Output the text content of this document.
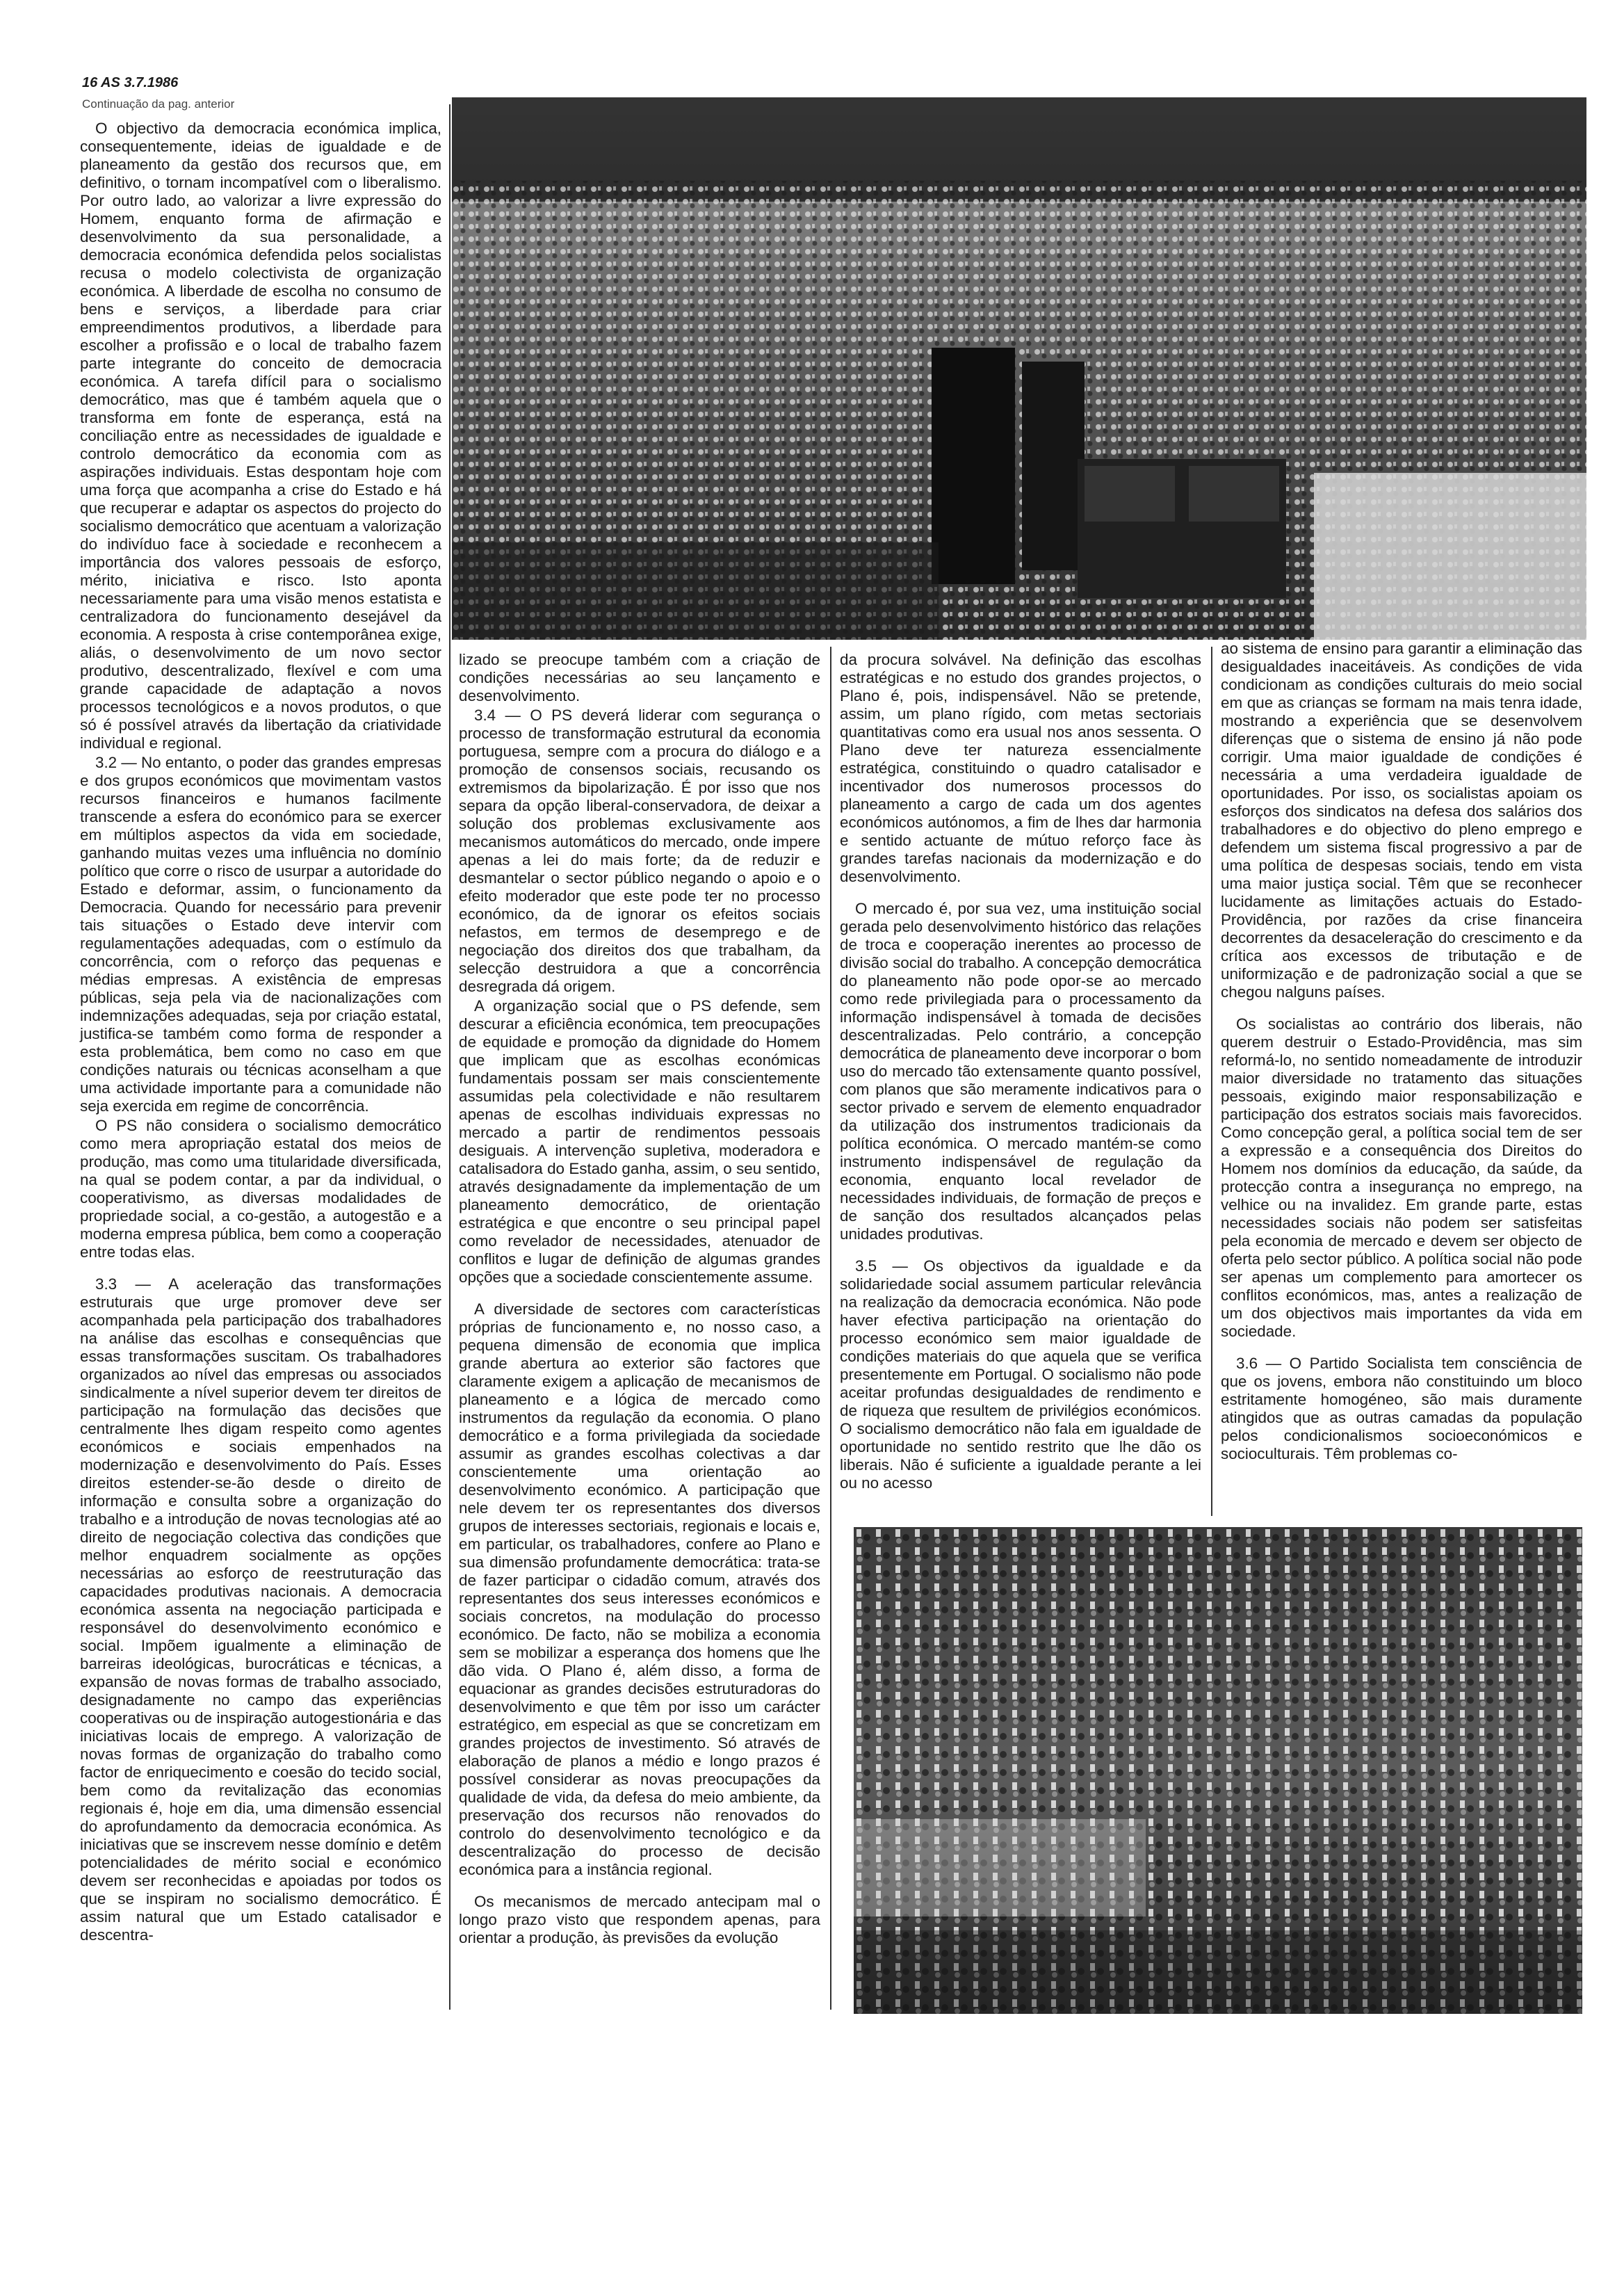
16 AS 3.7.1986
Continuação da pag. anterior

O objectivo da democracia económica implica, consequentemente, ideias de igualdade e de planeamento da gestão dos recursos que, em definitivo, o tornam incompatível com o liberalismo. Por outro lado, ao valorizar a livre expressão do Homem, enquanto forma de afirmação e desenvolvimento da sua personalidade, a democracia económica defendida pelos socialistas recusa o modelo colectivista de organização económica. A liberdade de escolha no consumo de bens e serviços, a liberdade para criar empreendimentos produtivos, a liberdade para escolher a profissão e o local de trabalho fazem parte integrante do conceito de democracia económica. A tarefa difícil para o socialismo democrático, mas que é também aquela que o transforma em fonte de esperança, está na conciliação entre as necessidades de igualdade e controlo democrático da economia com as aspirações individuais. Estas despontam hoje com uma força que acompanha a crise do Estado e há que recuperar e adaptar os aspectos do projecto do socialismo democrático que acentuam a valorização do indivíduo face à sociedade e reconhecem a importância dos valores pessoais de esforço, mérito, iniciativa e risco. Isto aponta necessariamente para uma visão menos estatista e centralizadora do funcionamento desejável da economia. A resposta à crise contemporânea exige, aliás, o desenvolvimento de um novo sector produtivo, descentralizado, flexível e com uma grande capacidade de adaptação a novos processos tecnológicos e a novos produtos, o que só é possível através da libertação da criatividade individual e regional.

3.2 — No entanto, o poder das grandes empresas e dos grupos económicos que movimentam vastos recursos financeiros e humanos facilmente transcende a esfera do económico para se exercer em múltiplos aspectos da vida em sociedade, ganhando muitas vezes uma influência no domínio político que corre o risco de usurpar a autoridade do Estado e deformar, assim, o funcionamento da Democracia. Quando for necessário para prevenir tais situações o Estado deve intervir com regulamentações adequadas, com o estímulo da concorrência, com o reforço das pequenas e médias empresas. A existência de empresas públicas, seja pela via de nacionalizações com indemnizações adequadas, seja por criação estatal, justifica-se também como forma de responder a esta problemática, bem como no caso em que condições naturais ou técnicas aconselham a que uma actividade importante para a comunidade não seja exercida em regime de concorrência.

O PS não considera o socialismo democrático como mera apropriação estatal dos meios de produção, mas como uma titularidade diversificada, na qual se podem contar, a par da individual, o cooperativismo, as diversas modalidades de propriedade social, a co-gestão, a autogestão e a moderna empresa pública, bem como a cooperação entre todas elas.

3.3 — A aceleração das transformações estruturais que urge promover deve ser acompanhada pela participação dos trabalhadores na análise das escolhas e consequências que essas transformações suscitam. Os trabalhadores organizados ao nível das empresas ou associados sindicalmente a nível superior devem ter direitos de participação na formulação das decisões que centralmente lhes digam respeito como agentes económicos e sociais empenhados na modernização e desenvolvimento do País. Esses direitos estender-se-ão desde o direito de informação e consulta sobre a organização do trabalho e a introdução de novas tecnologias até ao direito de negociação colectiva das condições que melhor enquadrem socialmente as opções necessárias ao esforço de reestruturação das capacidades produtivas nacionais. A democracia económica assenta na negociação participada e responsável do desenvolvimento económico e social. Impõem igualmente a eliminação de barreiras ideológicas, burocráticas e técnicas, a expansão de novas formas de trabalho associado, designadamente no campo das experiências cooperativas ou de inspiração autogestionária e das iniciativas locais de emprego. A valorização de novas formas de organização do trabalho como factor de enriquecimento e coesão do tecido social, bem como da revitalização das economias regionais é, hoje em dia, uma dimensão essencial do aprofundamento da democracia económica. As iniciativas que se inscrevem nesse domínio e detêm potencialidades de mérito social e económico devem ser reconhecidas e apoiadas por todos os que se inspiram no socialismo democrático. É assim natural que um Estado catalisador e descentra-

lizado se preocupe também com a criação de condições necessárias ao seu lançamento e desenvolvimento.

3.4 — O PS deverá liderar com segurança o processo de transformação estrutural da economia portuguesa, sempre com a procura do diálogo e a promoção de consensos sociais, recusando os extremismos da bipolarização. É por isso que nos separa da opção liberal-conservadora, de deixar a solução dos problemas exclusivamente aos mecanismos automáticos do mercado, onde impere apenas a lei do mais forte; da de reduzir e desmantelar o sector público negando o apoio e o efeito moderador que este pode ter no processo económico, da de ignorar os efeitos sociais nefastos, em termos de desemprego e de negociação dos direitos dos que trabalham, da selecção destruidora a que a concorrência desregrada dá origem.

A organização social que o PS defende, sem descurar a eficiência económica, tem preocupações de equidade e promoção da dignidade do Homem que implicam que as escolhas económicas fundamentais possam ser mais conscientemente assumidas pela colectividade e não resultarem apenas de escolhas individuais expressas no mercado a partir de rendimentos pessoais desiguais. A intervenção supletiva, moderadora e catalisadora do Estado ganha, assim, o seu sentido, através designadamente da implementação de um planeamento democrático, de orientação estratégica e que encontre o seu principal papel como revelador de necessidades, atenuador de conflitos e lugar de definição de algumas grandes opções que a sociedade conscientemente assume.

A diversidade de sectores com características próprias de funcionamento e, no nosso caso, a pequena dimensão de economia que implica grande abertura ao exterior são factores que claramente exigem a aplicação de mecanismos de planeamento e a lógica de mercado como instrumentos da regulação da economia. O plano democrático e a forma privilegiada da sociedade assumir as grandes escolhas colectivas a dar conscientemente uma orientação ao desenvolvimento económico. A participação que nele devem ter os representantes dos diversos grupos de interesses sectoriais, regionais e locais e, em particular, os trabalhadores, confere ao Plano e sua dimensão profundamente democrática: trata-se de fazer participar o cidadão comum, através dos representantes dos seus interesses económicos e sociais concretos, na modulação do processo económico. De facto, não se mobiliza a economia sem se mobilizar a esperança dos homens que lhe dão vida. O Plano é, além disso, a forma de equacionar as grandes decisões estruturadoras do desenvolvimento e que têm por isso um carácter estratégico, em especial as que se concretizam em grandes projectos de investimento. Só através de elaboração de planos a médio e longo prazos é possível considerar as novas preocupações da qualidade de vida, da defesa do meio ambiente, da preservação dos recursos não renovados do controlo do desenvolvimento tecnológico e da descentralização do processo de decisão económica para a instância regional.

Os mecanismos de mercado antecipam mal o longo prazo visto que respondem apenas, para orientar a produção, às previsões da evolução

da procura solvável. Na definição das escolhas estratégicas e no estudo dos grandes projectos, o Plano é, pois, indispensável. Não se pretende, assim, um plano rígido, com metas sectoriais quantitativas como era usual nos anos sessenta. O Plano deve ter natureza essencialmente estratégica, constituindo o quadro catalisador e incentivador dos numerosos processos do planeamento a cargo de cada um dos agentes económicos autónomos, a fim de lhes dar harmonia e sentido actuante de mútuo reforço face às grandes tarefas nacionais da modernização e do desenvolvimento.

O mercado é, por sua vez, uma instituição social gerada pelo desenvolvimento histórico das relações de troca e cooperação inerentes ao processo de divisão social do trabalho. A concepção democrática do planeamento não pode opor-se ao mercado como rede privilegiada para o processamento da informação indispensável à tomada de decisões descentralizadas. Pelo contrário, a concepção democrática de planeamento deve incorporar o bom uso do mercado tão extensamente quanto possível, com planos que são meramente indicativos para o sector privado e servem de elemento enquadrador da utilização dos instrumentos tradicionais da política económica. O mercado mantém-se como instrumento indispensável de regulação da economia, enquanto local revelador de necessidades individuais, de formação de preços e de sanção dos resultados alcançados pelas unidades produtivas.

3.5 — Os objectivos da igualdade e da solidariedade social assumem particular relevância na realização da democracia económica. Não pode haver efectiva participação na orientação do processo económico sem maior igualdade de condições materiais do que aquela que se verifica presentemente em Portugal. O socialismo não pode aceitar profundas desigualdades de rendimento e de riqueza que resultem de privilégios económicos. O socialismo democrático não fala em igualdade de oportunidade no sentido restrito que lhe dão os liberais. Não é suficiente a igualdade perante a lei ou no acesso

ao sistema de ensino para garantir a eliminação das desigualdades inaceitáveis. As condições de vida condicionam as condições culturais do meio social em que as crianças se formam na mais tenra idade, mostrando a experiência que se desenvolvem diferenças que o sistema de ensino já não pode corrigir. Uma maior igualdade de condições é necessária a uma verdadeira igualdade de oportunidades. Por isso, os socialistas apoiam os esforços dos sindicatos na defesa dos salários dos trabalhadores e do objectivo do pleno emprego e defendem um sistema fiscal progressivo a par de uma política de despesas sociais, tendo em vista uma maior justiça social. Têm que se reconhecer lucidamente as limitações actuais do Estado-Providência, por razões da crise financeira decorrentes da desaceleração do crescimento e da crítica aos excessos de tributação e de uniformização e de padronização social a que se chegou nalguns países.

Os socialistas ao contrário dos liberais, não querem destruir o Estado-Providência, mas sim reformá-lo, no sentido nomeadamente de introduzir maior diversidade no tratamento das situações pessoais, exigindo maior responsabilização e participação dos estratos sociais mais favorecidos. Como concepção geral, a política social tem de ser a expressão e a consequência dos Direitos do Homem nos domínios da educação, da saúde, da protecção contra a insegurança no emprego, na velhice ou na invalidez. Em grande parte, estas necessidades sociais não podem ser satisfeitas pela economia de mercado e devem ser objecto de oferta pelo sector público. A política social não pode ser apenas um complemento para amortecer os conflitos económicos, mas, antes a realização de um dos objectivos mais importantes da vida em sociedade.

3.6 — O Partido Socialista tem consciência de que os jovens, embora não constituindo um bloco estritamente homogéneo, são mais duramente atingidos que as outras camadas da população pelos condicionalismos socioeconómicos e socioculturais. Têm problemas co-
